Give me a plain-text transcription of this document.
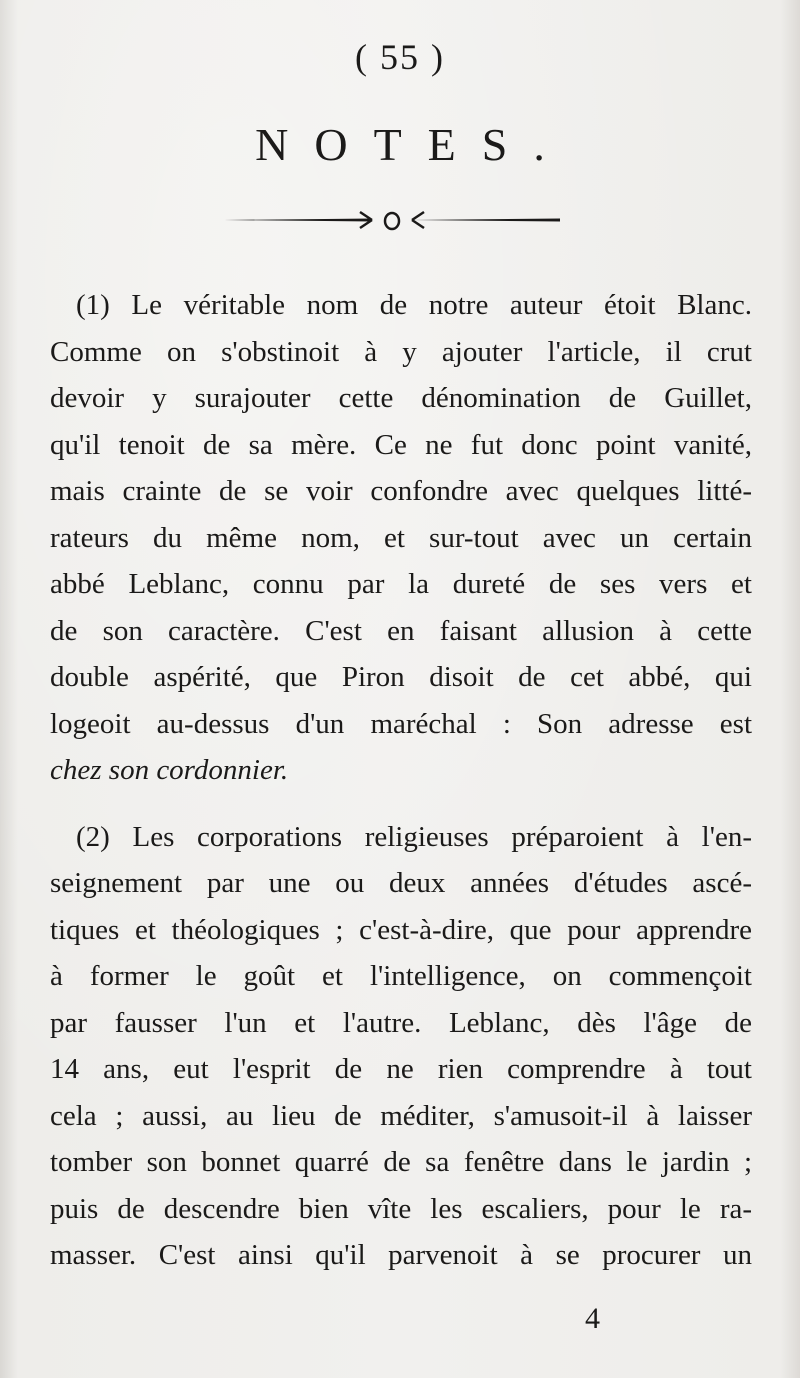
( 55 )
NOTES.

(1) Le véritable nom de notre auteur étoit Blanc.
Comme on s'obstinoit à y ajouter l'article, il crut
devoir y surajouter cette dénomination de Guillet,
qu'il tenoit de sa mère. Ce ne fut donc point vanité,
mais crainte de se voir confondre avec quelques litté-
rateurs du même nom, et sur-tout avec un certain
abbé Leblanc, connu par la dureté de ses vers et
de son caractère. C'est en faisant allusion à cette
double aspérité, que Piron disoit de cet abbé, qui
logeoit au-dessus d'un maréchal : Son adresse est
chez son cordonnier.

(2) Les corporations religieuses préparoient à l'en-
seignement par une ou deux années d'études ascé-
tiques et théologiques ; c'est-à-dire, que pour apprendre
à former le goût et l'intelligence, on commençoit
par fausser l'un et l'autre. Leblanc, dès l'âge de
14 ans, eut l'esprit de ne rien comprendre à tout
cela ; aussi, au lieu de méditer, s'amusoit-il à laisser
tomber son bonnet quarré de sa fenêtre dans le jardin ;
puis de descendre bien vîte les escaliers, pour le ra-
masser. C'est ainsi qu'il parvenoit à se procurer un

4
